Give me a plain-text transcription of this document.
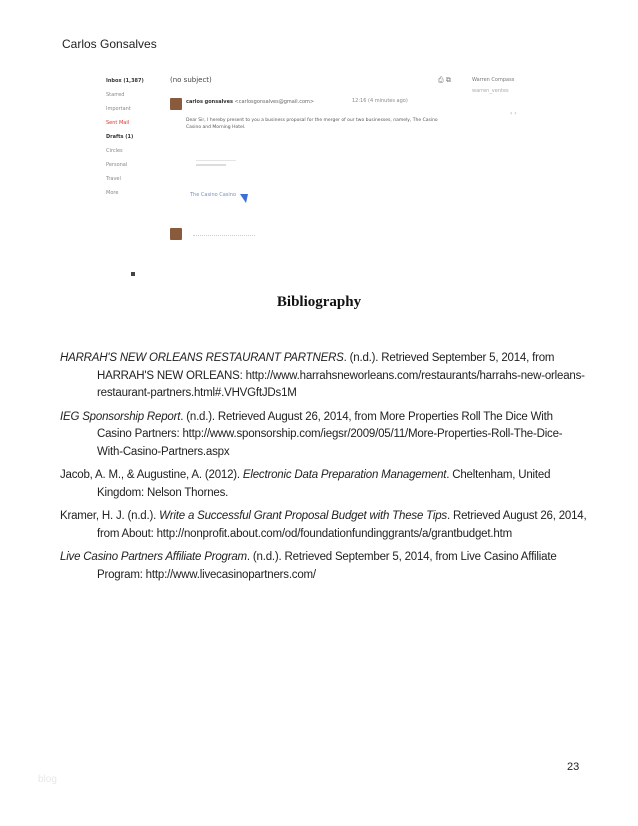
Carlos Gonsalves
Inbox (1,387)
Starred
Important
Sent Mail
Drafts (1)
Circles
Personal
Travel
More
(no subject)	⎙ ⧉	Warren Compass
warren_ventes
‹ ›
carlos gonsalves <carlosgonsalves@gmail.com>	12:16 (4 minutes ago)
Dear Sir, I hereby present to you a business proposal for the merger of our two businesses, namely, The Casino Casino and Morning Hotel.
The Casino Casino
Bibliography
HARRAH'S NEW ORLEANS RESTAURANT PARTNERS. (n.d.). Retrieved September 5, 2014, from HARRAH'S NEW ORLEANS: http://www.harrahsneworleans.com/restaurants/harrahs-new-orleans-restaurant-partners.html#.VHVGftJDs1M
IEG Sponsorship Report. (n.d.). Retrieved August 26, 2014, from More Properties Roll The Dice With Casino Partners: http://www.sponsorship.com/iegsr/2009/05/11/More-Properties-Roll-The-Dice-With-Casino-Partners.aspx
Jacob, A. M., & Augustine, A. (2012). Electronic Data Preparation Management. Cheltenham, United Kingdom: Nelson Thornes.
Kramer, H. J. (n.d.). Write a Successful Grant Proposal Budget with These Tips. Retrieved August 26, 2014, from About: http://nonprofit.about.com/od/foundationfundinggrants/a/grantbudget.htm
Live Casino Partners Affiliate Program. (n.d.). Retrieved September 5, 2014, from Live Casino Affiliate Program: http://www.livecasinopartners.com/
23
blog
